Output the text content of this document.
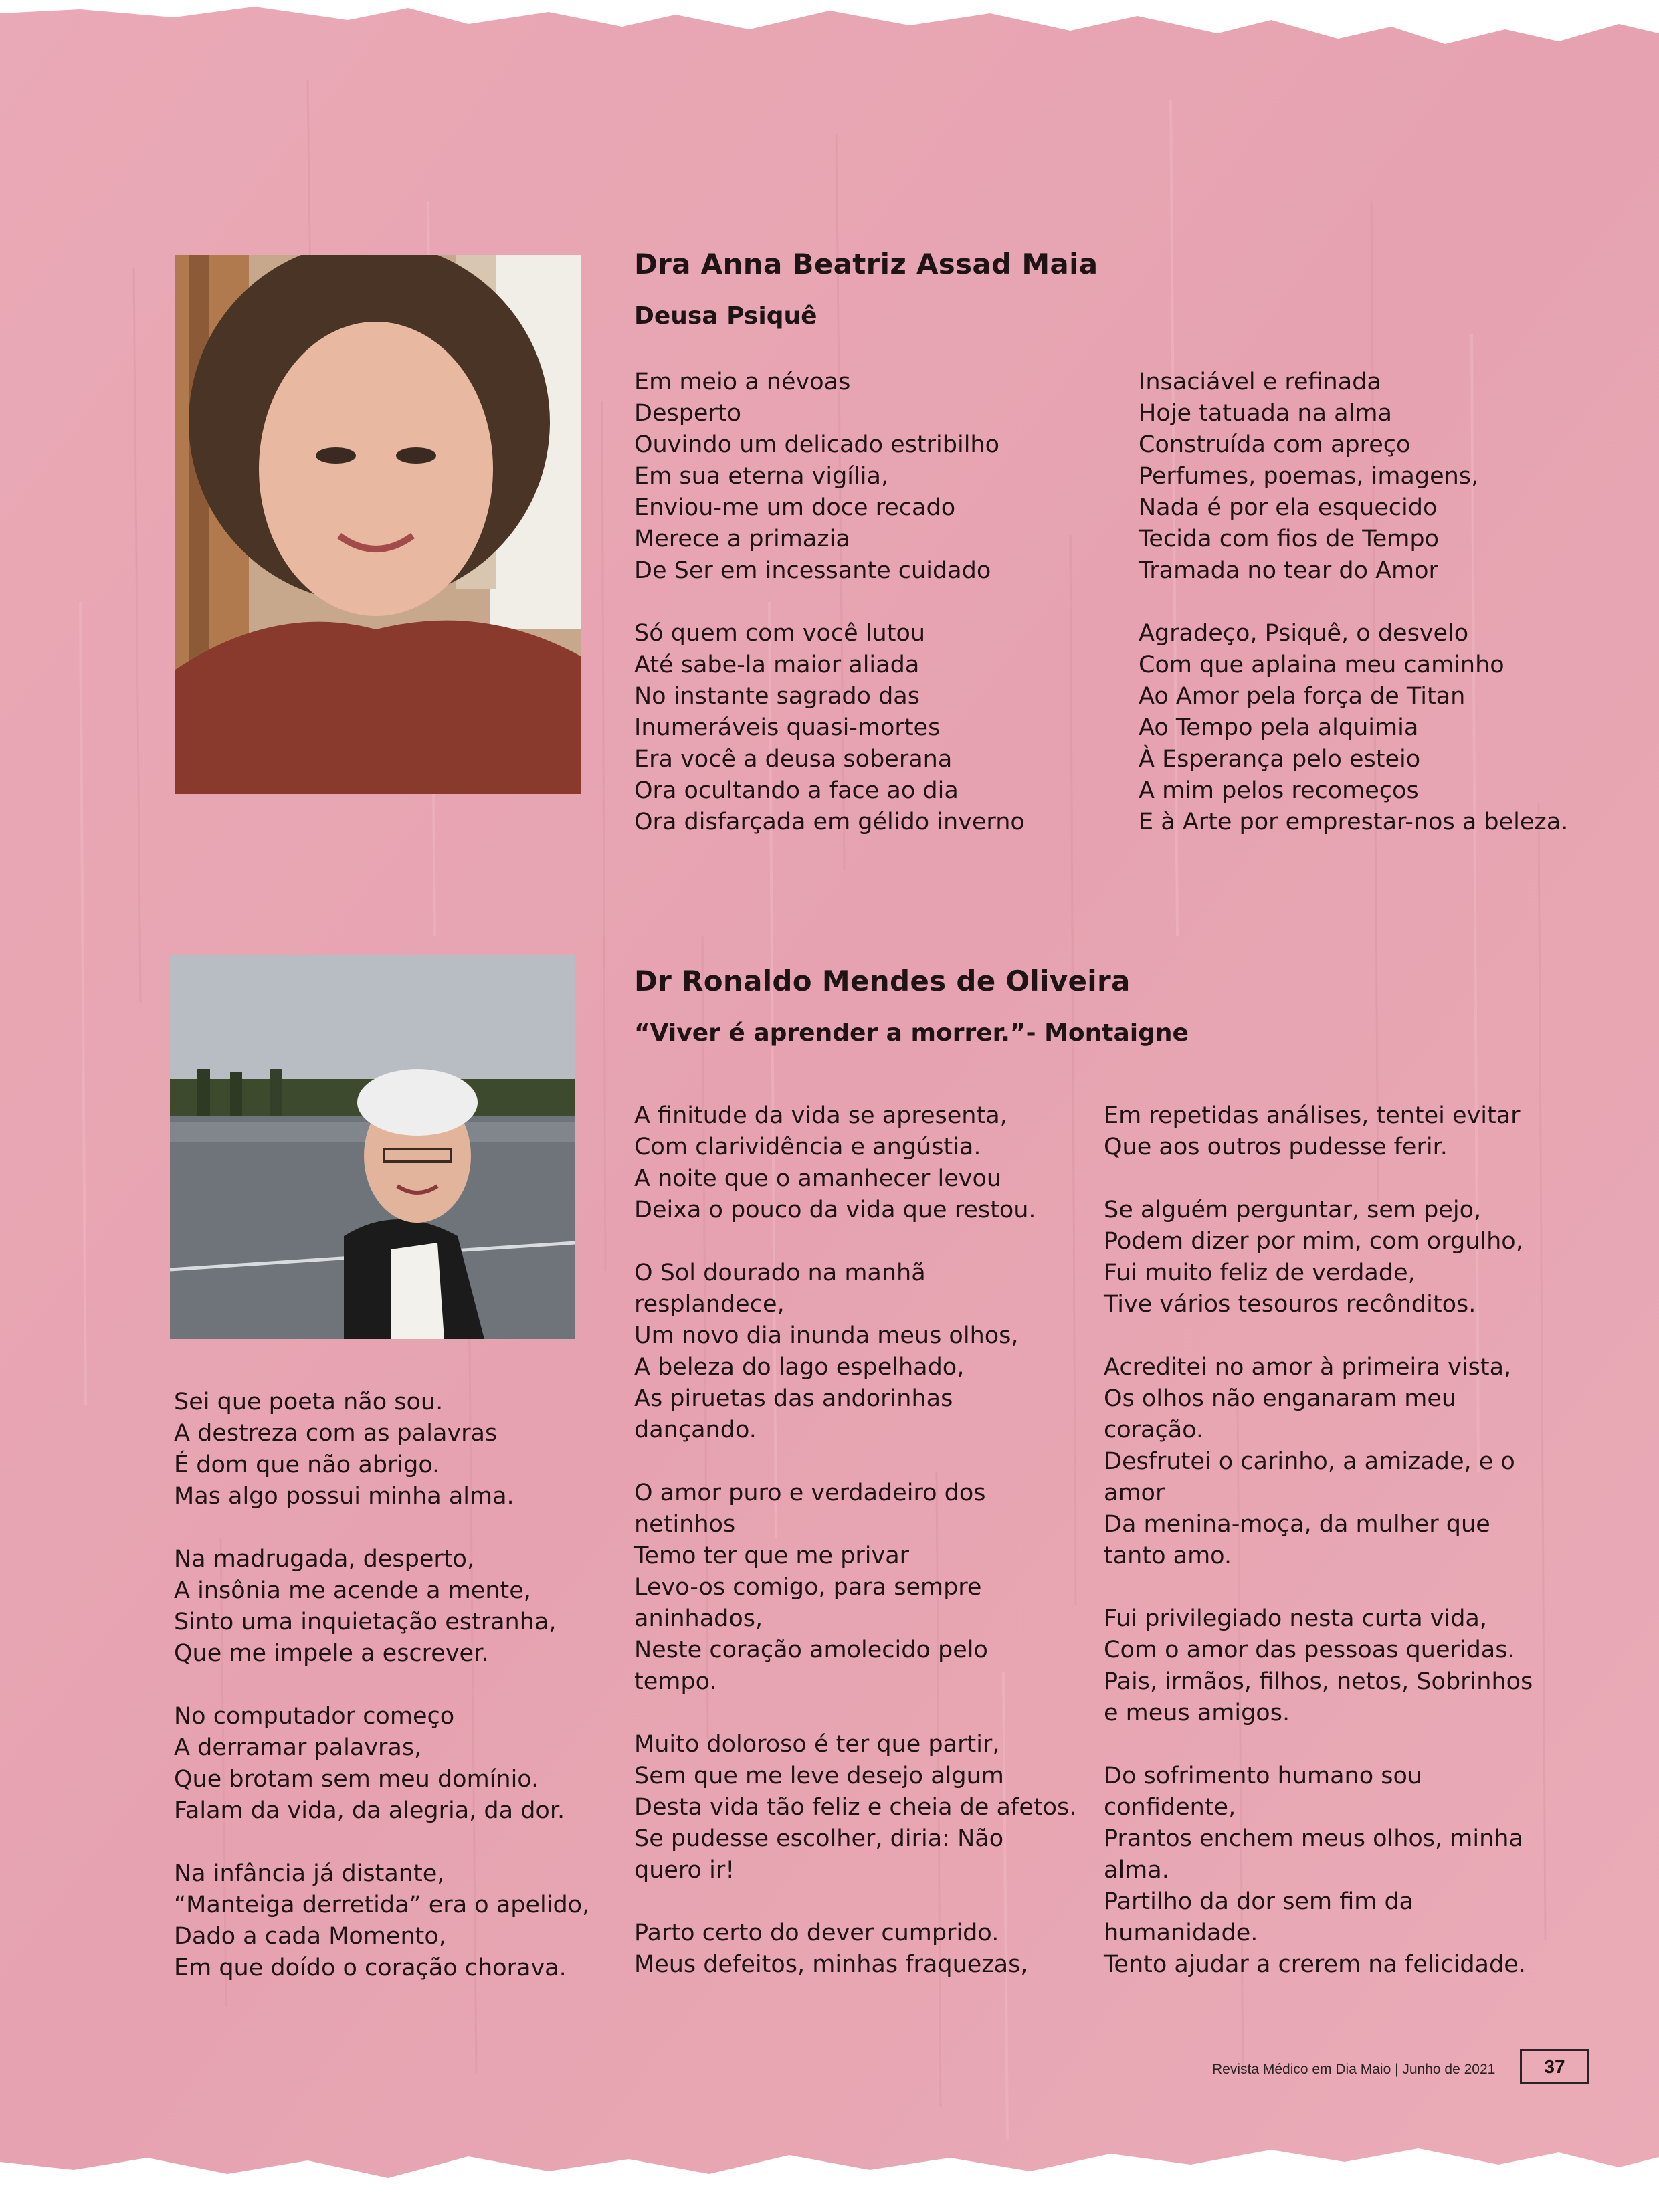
Dra Anna Beatriz Assad Maia
Deusa Psiquê
Em meio a névoas
Desperto
Ouvindo um delicado estribilho
Em sua eterna vigília,
Enviou-me um doce recado
Merece a primazia
De Ser em incessante cuidado
Só quem com você lutou
Até sabe-la maior aliada
No instante sagrado das
Inumeráveis quasi-mortes
Era você a deusa soberana
Ora ocultando a face ao dia
Ora disfarçada em gélido inverno
Insaciável e refinada
Hoje tatuada na alma
Construída com apreço
Perfumes, poemas, imagens,
Nada é por ela esquecido
Tecida com fios de Tempo
Tramada no tear do Amor
Agradeço, Psiquê, o desvelo
Com que aplaina meu caminho
Ao Amor pela força de Titan
Ao Tempo pela alquimia
À Esperança pelo esteio
A mim pelos recomeços
E à Arte por emprestar-nos a beleza.
Dr Ronaldo Mendes de Oliveira
“Viver é aprender a morrer.”- Montaigne
Sei que poeta não sou.
A destreza com as palavras
É dom que não abrigo.
Mas algo possui minha alma.
Na madrugada, desperto,
A insônia me acende a mente,
Sinto uma inquietação estranha,
Que me impele a escrever.
No computador começo
A derramar palavras,
Que brotam sem meu domínio.
Falam da vida, da alegria, da dor.
Na infância já distante,
“Manteiga derretida” era o apelido,
Dado a cada Momento,
Em que doído o coração chorava.
A finitude da vida se apresenta,
Com clarividência e angústia.
A noite que o amanhecer levou
Deixa o pouco da vida que restou.
O Sol dourado na manhã
resplandece,
Um novo dia inunda meus olhos,
A beleza do lago espelhado,
As piruetas das andorinhas
dançando.
O amor puro e verdadeiro dos
netinhos
Temo ter que me privar
Levo-os comigo, para sempre
aninhados,
Neste coração amolecido pelo
tempo.
Muito doloroso é ter que partir,
Sem que me leve desejo algum
Desta vida tão feliz e cheia de afetos.
Se pudesse escolher, diria: Não
quero ir!
Parto certo do dever cumprido.
Meus defeitos, minhas fraquezas,
Em repetidas análises, tentei evitar
Que aos outros pudesse ferir.
Se alguém perguntar, sem pejo,
Podem dizer por mim, com orgulho,
Fui muito feliz de verdade,
Tive vários tesouros recônditos.
Acreditei no amor à primeira vista,
Os olhos não enganaram meu
coração.
Desfrutei o carinho, a amizade, e o
amor
Da menina-moça, da mulher que
tanto amo.
Fui privilegiado nesta curta vida,
Com o amor das pessoas queridas.
Pais, irmãos, filhos, netos, Sobrinhos
e meus amigos.
Do sofrimento humano sou
confidente,
Prantos enchem meus olhos, minha
alma.
Partilho da dor sem fim da
humanidade.
Tento ajudar a crerem na felicidade.
Revista Médico em Dia Maio | Junho de 2021	37
